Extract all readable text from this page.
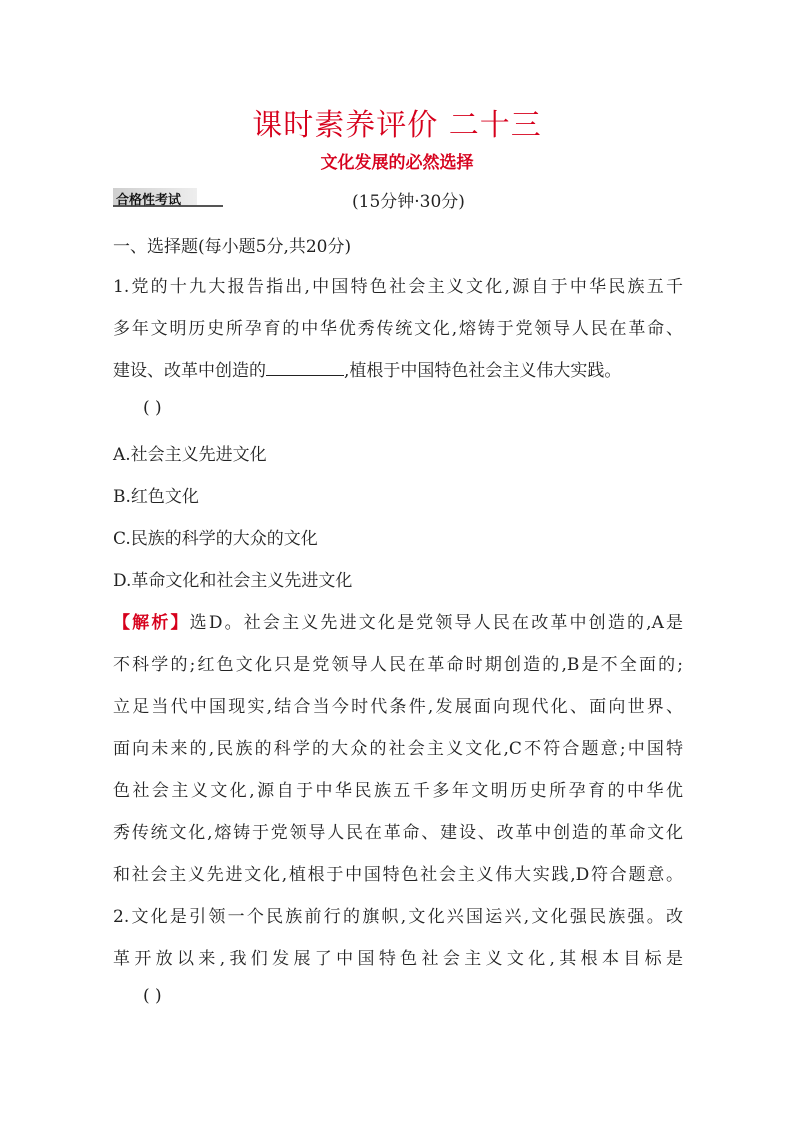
课时素养评价 二十三
文化发展的必然选择
合格性考试	(15分钟·30分)
一、选择题(每小题5分,共20分)
1.党的十九大报告指出,中国特色社会主义文化,源自于中华民族五千
多年文明历史所孕育的中华优秀传统文化,熔铸于党领导人民在革命、
建设、改革中创造的	,植根于中国特色社会主义伟大实践。
( )
A.社会主义先进文化
B.红色文化
C.民族的科学的大众的文化
D.革命文化和社会主义先进文化
【解析】选D。社会主义先进文化是党领导人民在改革中创造的,A是
不科学的;红色文化只是党领导人民在革命时期创造的,B是不全面的;
立足当代中国现实,结合当今时代条件,发展面向现代化、面向世界、
面向未来的,民族的科学的大众的社会主义文化,C不符合题意;中国特
色社会主义文化,源自于中华民族五千多年文明历史所孕育的中华优
秀传统文化,熔铸于党领导人民在革命、建设、改革中创造的革命文化
和社会主义先进文化,植根于中国特色社会主义伟大实践,D符合题意。
2.文化是引领一个民族前行的旗帜,文化兴国运兴,文化强民族强。改
革开放以来,我们发展了中国特色社会主义文化,其根本目标是
( )
